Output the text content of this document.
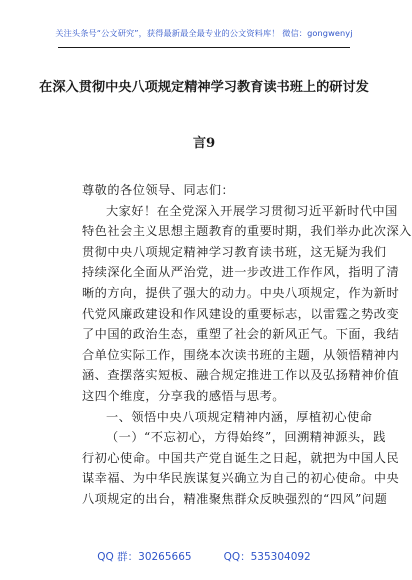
关注头条号“公文研究”，获得最新最全最专业的公文资料库！ 微信：gongwenyj
在深入贯彻中央八项规定精神学习教育读书班上的研讨发
言9
尊敬的各位领导、同志们：
大家好！在全党深入开展学习贯彻习近平新时代中国
特色社会主义思想主题教育的重要时期，我们举办此次深入
贯彻中央八项规定精神学习教育读书班，这无疑为我们
持续深化全面从严治党，进一步改进工作作风，指明了清
晰的方向，提供了强大的动力。中央八项规定，作为新时
代党风廉政建设和作风建设的重要标志，以雷霆之势改变
了中国的政治生态，重塑了社会的新风正气。下面，我结
合单位实际工作，围绕本次读书班的主题，从领悟精神内
涵、查摆落实短板、融合规定推进工作以及弘扬精神价值
这四个维度，分享我的感悟与思考。
一、领悟中央八项规定精神内涵，厚植初心使命
（一）“不忘初心，方得始终”，回溯精神源头，践
行初心使命。中国共产党自诞生之日起，就把为中国人民
谋幸福、为中华民族谋复兴确立为自己的初心使命。中央
八项规定的出台，精准聚焦群众反映强烈的“四风”问题
QQ 群：30265665	QQ：535304092
